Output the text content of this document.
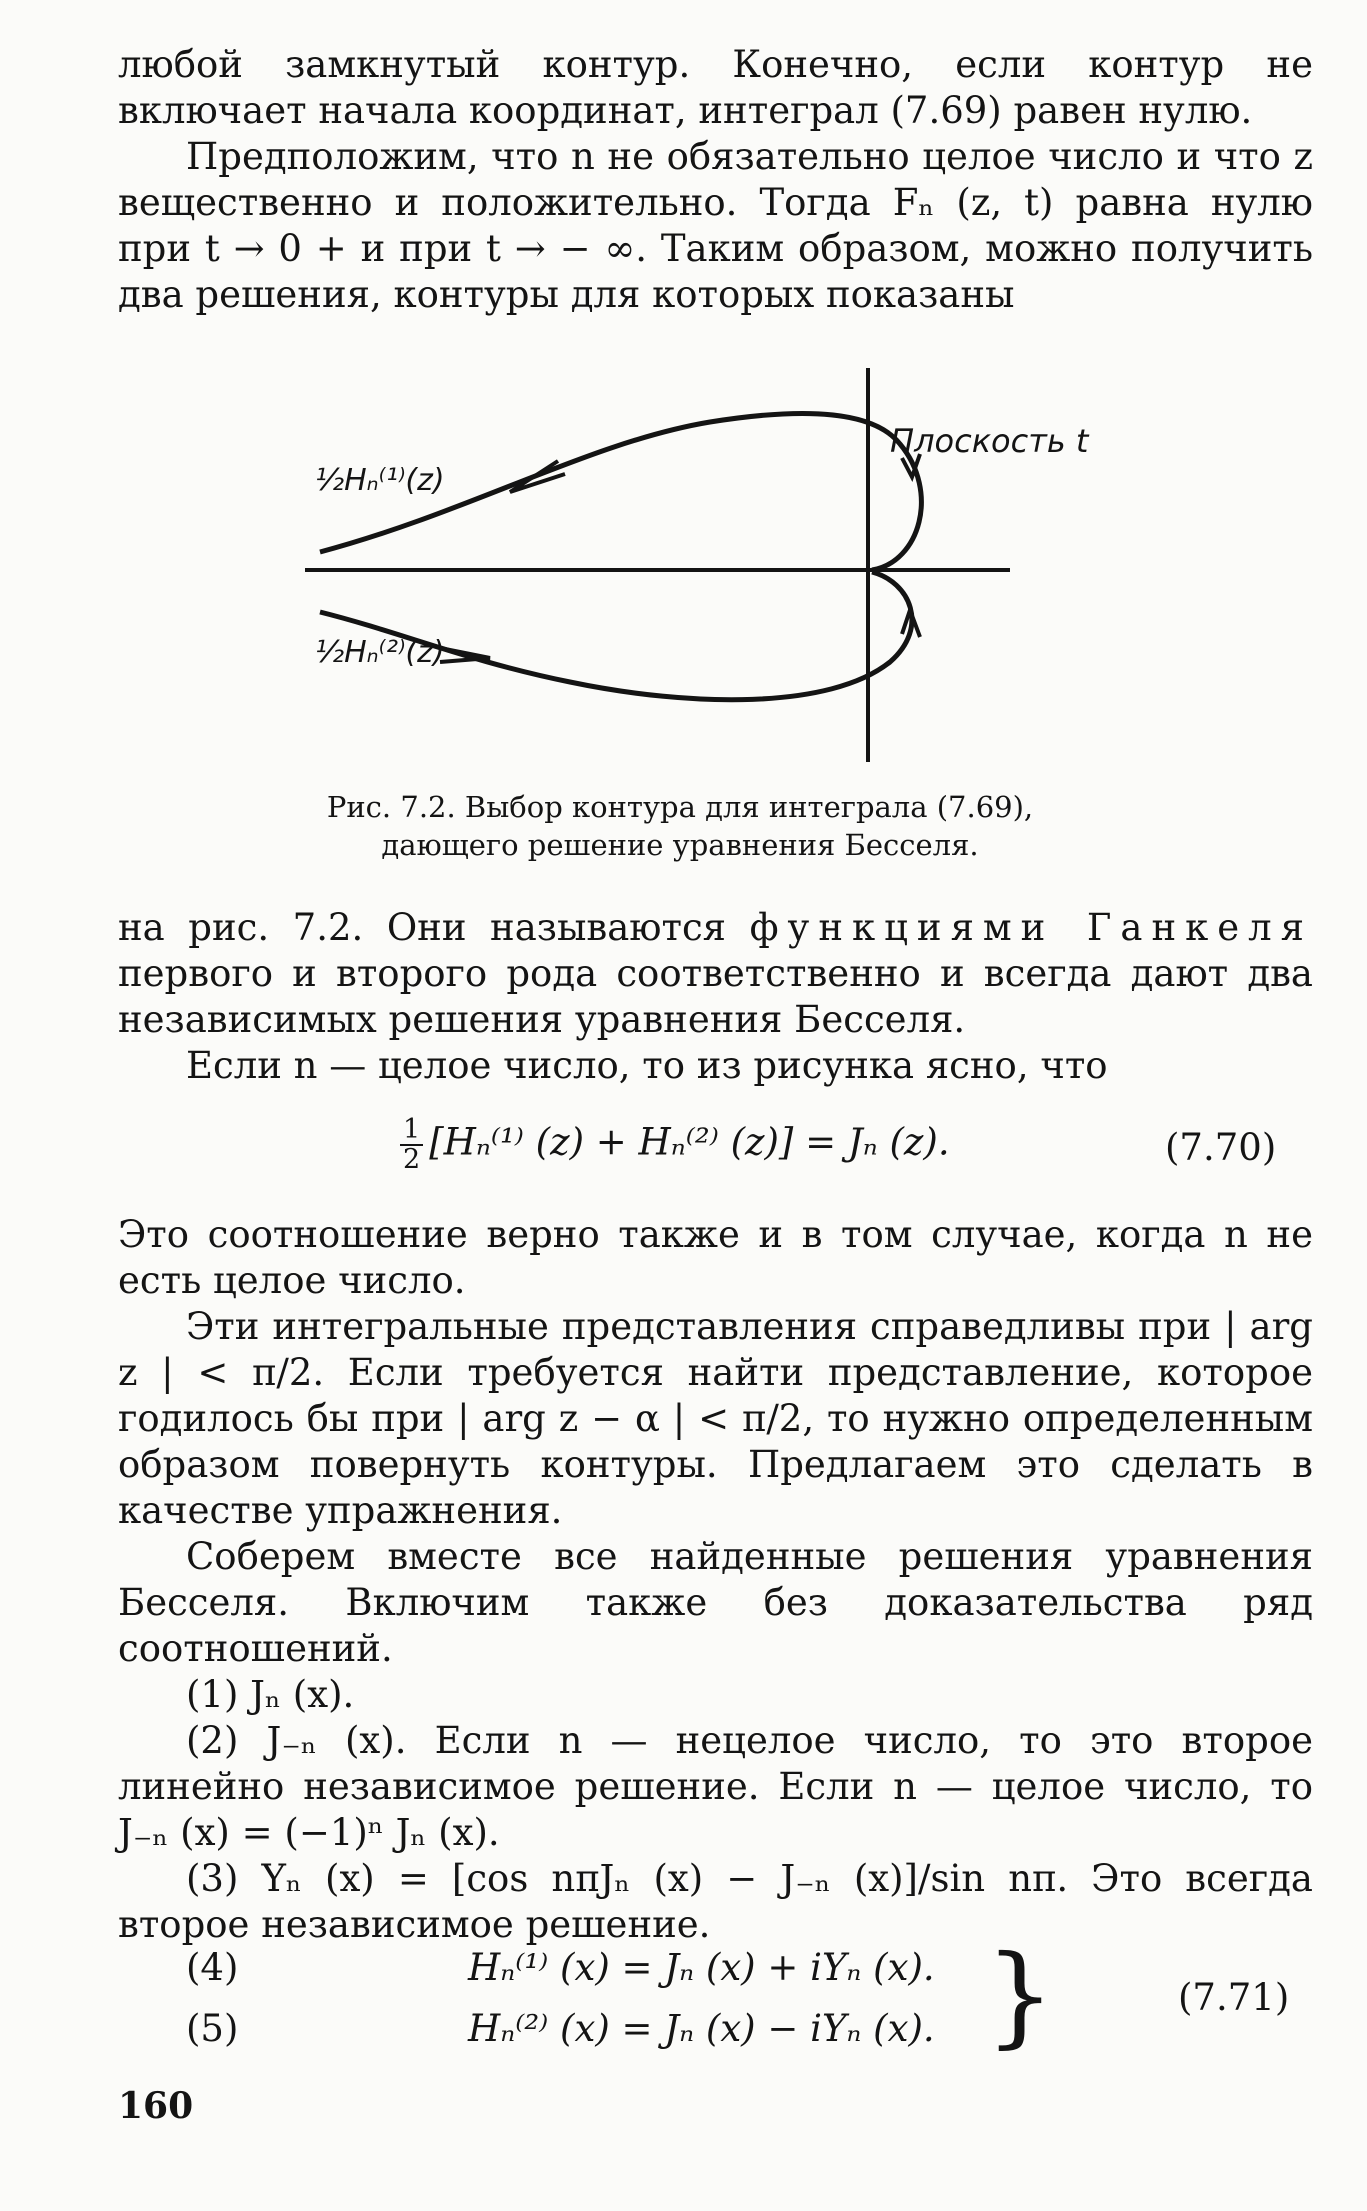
любой замкнутый контур. Конечно, если контур не включает начала координат, интеграл (7.69) равен нулю.

Предположим, что n не обязательно целое число и что z вещественно и положительно. Тогда Fₙ (z, t) равна нулю при t → 0 + и при t → − ∞. Таким образом, можно получить два решения, контуры для которых показаны

Плоскость t
½Hₙ⁽¹⁾(z)
½Hₙ⁽²⁾(z)
Рис. 7.2. Выбор контура для интеграла (7.69),
дающего решение уравнения Бесселя.

на рис. 7.2. Они называются функциями Ганкеля первого и второго рода соответственно и всегда дают два независимых решения уравнения Бесселя.

Если n — целое число, то из рисунка ясно, что

$\frac{1}{2} [H_n^{(1)}$ (z) + Hₙ⁽²⁾ (z)] = Jₙ (z).	(7.70)

Это соотношение верно также и в том случае, когда n не есть целое число.

Эти интегральные представления справедливы при | arg z | < π/2. Если требуется найти представление, которое годилось бы при | arg z − α | < π/2, то нужно определенным образом повернуть контуры. Предлагаем это сделать в качестве упражнения.

Соберем вместе все найденные решения уравнения Бесселя. Включим также без доказательства ряд соотношений.

(1) Jₙ (x).

(2) J₋ₙ (x). Если n — нецелое число, то это второе линейно независимое решение. Если n — целое число, то J₋ₙ (x) = (−1)ⁿ Jₙ (x).

(3) Yₙ (x) = [cos nπJₙ (x) − J₋ₙ (x)]/sin nπ. Это всегда второе независимое решение.

(4)	Hₙ⁽¹⁾ (x) = Jₙ (x) + iYₙ (x).
(5)	Hₙ⁽²⁾ (x) = Jₙ (x) − iYₙ (x). }	(7.71)
160
